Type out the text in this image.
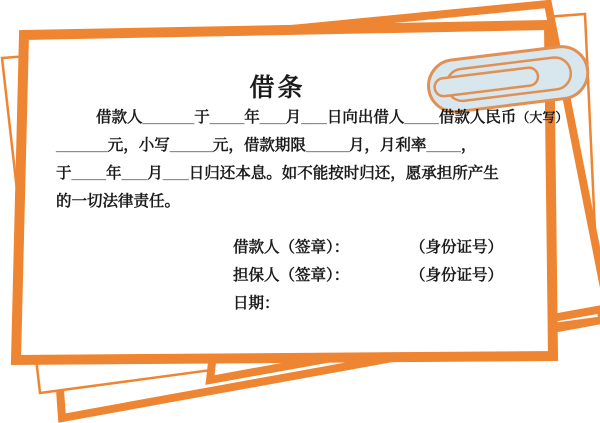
借条

借款人______于____年___月___日向出借人____借款人民币（大写）

______元，小写_____元，借款期限_____月，月利率____，

于____年___月___日归还本息。如不能按时归还，愿承担所产生

的一切法律责任。

借款人（签章）：	（身份证号）
担保人（签章）：	（身份证号）
日期：
